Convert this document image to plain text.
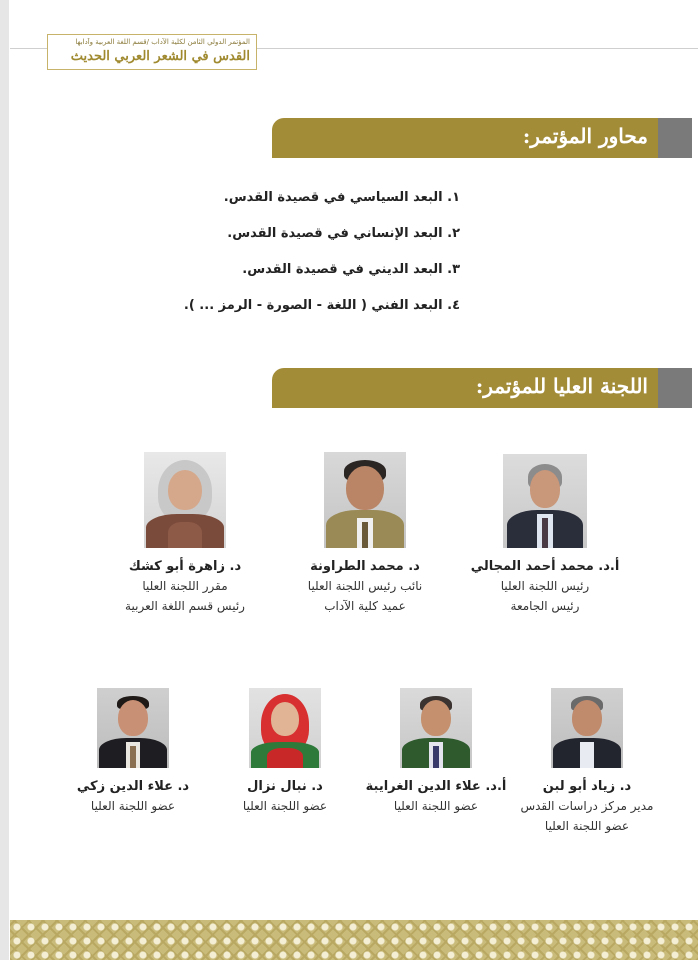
المؤتمر الدولي الثامن لكلية الآداب /قسم اللغة العربية وآدابها
القدس في الشعر العربي الحديث
محاور المؤتمر:
١. البعد السياسي في قصيدة القدس.
٢. البعد الإنساني في قصيدة القدس.
٣. البعد الديني في قصيدة القدس.
٤. البعد الفني ( اللغة - الصورة - الرمز ... ).
اللجنة العليا للمؤتمر:
أ.د. محمد أحمد المجالي
رئيس اللجنة العليا
رئيس الجامعة
د. محمد الطراونة
نائب رئيس اللجنة العليا
عميد كلية الآداب
د. زاهرة أبو كشك
مقرر اللجنة العليا
رئيس قسم اللغة العربية
د. زياد أبو لبن
مدير مركز دراسات القدس
عضو اللجنة العليا
أ.د. علاء الدين الغرايبة
عضو اللجنة العليا
د. نبال نزال
عضو اللجنة العليا
د. علاء الدين زكي
عضو اللجنة العليا
